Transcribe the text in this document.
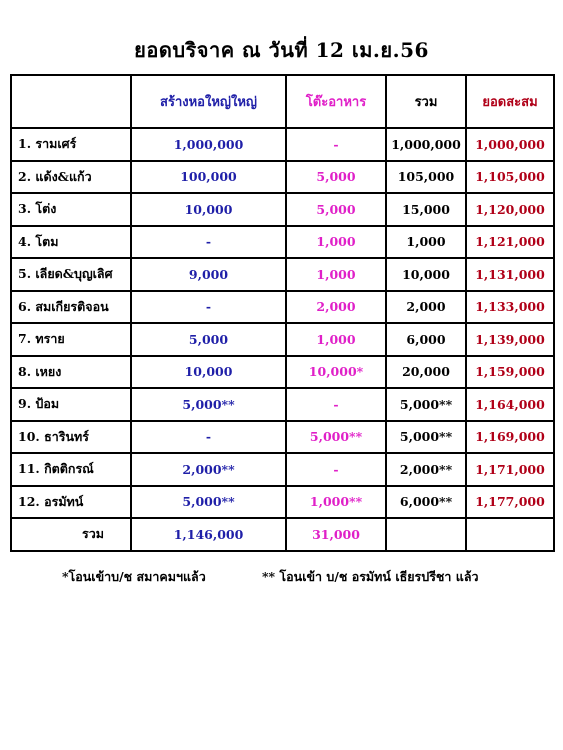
ยอดบริจาค ณ วันที่ 12 เม.ย.56
	สร้างหอใหญ่ใหญ่	โต๊ะอาหาร	รวม	ยอดสะสม
1. รามเศร์	1,000,000	-	1,000,000	1,000,000
2. แด้ง&แก้ว	100,000	5,000	105,000	1,105,000
3. โต่ง	10,000	5,000	15,000	1,120,000
4. โตม	-	1,000	1,000	1,121,000
5. เลียด&บุญเลิศ	9,000	1,000	10,000	1,131,000
6. สมเกียรติจอน	-	2,000	2,000	1,133,000
7. ทราย	5,000	1,000	6,000	1,139,000
8. เหยง	10,000	10,000*	20,000	1,159,000
9. ป้อม	5,000**	-	5,000**	1,164,000
10. ธารินทร์	-	5,000**	5,000**	1,169,000
11. กิตติกรณ์	2,000**	-	2,000**	1,171,000
12. อรมัทน์	5,000**	1,000**	6,000**	1,177,000
รวม	1,146,000	31,000		
*โอนเข้าบ/ช สมาคมฯแล้ว	** โอนเข้า บ/ช อรมัทน์ เธียรปรีชา แล้ว
